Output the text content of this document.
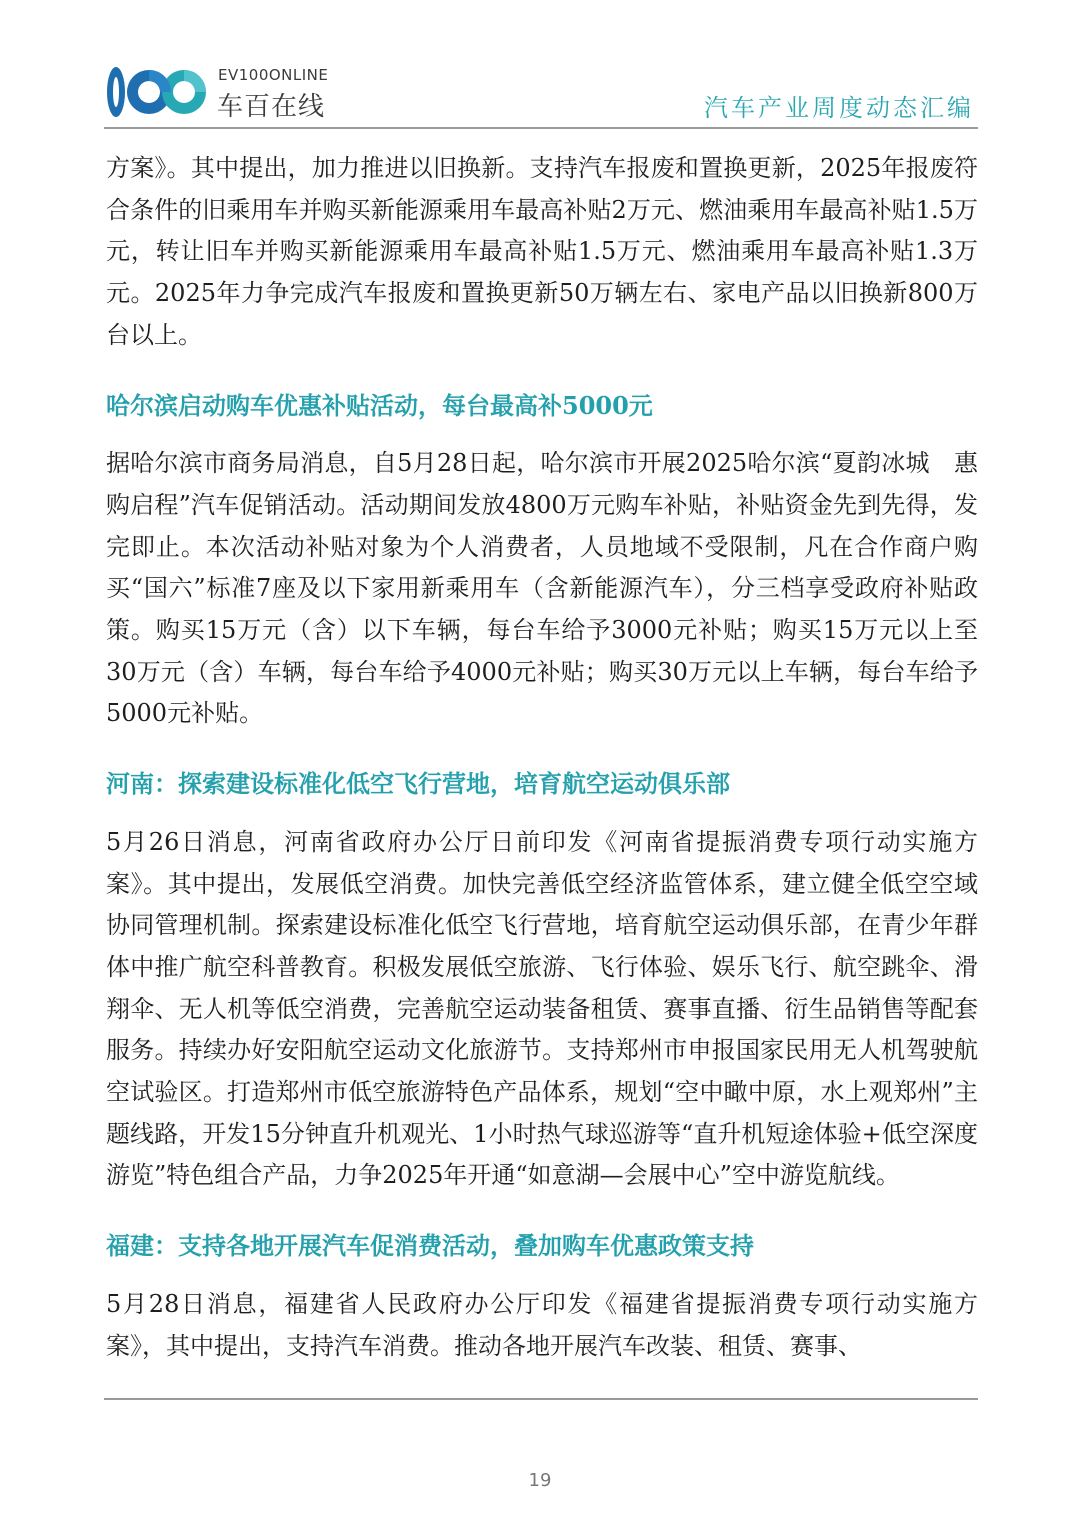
EV100ONLINE
车百在线	汽车产业周度动态汇编

方案》。其中提出，加力推进以旧换新。支持汽车报废和置换更新，2025年报废符合条件的旧乘用车并购买新能源乘用车最高补贴2万元、燃油乘用车最高补贴1.5万元，转让旧车并购买新能源乘用车最高补贴1.5万元、燃油乘用车最高补贴1.3万元。2025年力争完成汽车报废和置换更新50万辆左右、家电产品以旧换新800万台以上。

哈尔滨启动购车优惠补贴活动，每台最高补5000元

据哈尔滨市商务局消息，自5月28日起，哈尔滨市开展2025哈尔滨“夏韵冰城　惠购启程”汽车促销活动。活动期间发放4800万元购车补贴，补贴资金先到先得，发完即止。本次活动补贴对象为个人消费者，人员地域不受限制，凡在合作商户购买“国六”标准7座及以下家用新乘用车（含新能源汽车），分三档享受政府补贴政策。购买15万元（含）以下车辆，每台车给予3000元补贴；购买15万元以上至30万元（含）车辆，每台车给予4000元补贴；购买30万元以上车辆，每台车给予5000元补贴。

河南：探索建设标准化低空飞行营地，培育航空运动俱乐部

5月26日消息，河南省政府办公厅日前印发《河南省提振消费专项行动实施方案》。其中提出，发展低空消费。加快完善低空经济监管体系，建立健全低空空域协同管理机制。探索建设标准化低空飞行营地，培育航空运动俱乐部，在青少年群体中推广航空科普教育。积极发展低空旅游、飞行体验、娱乐飞行、航空跳伞、滑翔伞、无人机等低空消费，完善航空运动装备租赁、赛事直播、衍生品销售等配套服务。持续办好安阳航空运动文化旅游节。支持郑州市申报国家民用无人机驾驶航空试验区。打造郑州市低空旅游特色产品体系，规划“空中瞰中原，水上观郑州”主题线路，开发15分钟直升机观光、1小时热气球巡游等“直升机短途体验+低空深度游览”特色组合产品，力争2025年开通“如意湖—会展中心”空中游览航线。

福建：支持各地开展汽车促消费活动，叠加购车优惠政策支持

5月28日消息，福建省人民政府办公厅印发《福建省提振消费专项行动实施方案》，其中提出，支持汽车消费。推动各地开展汽车改装、租赁、赛事、

19
